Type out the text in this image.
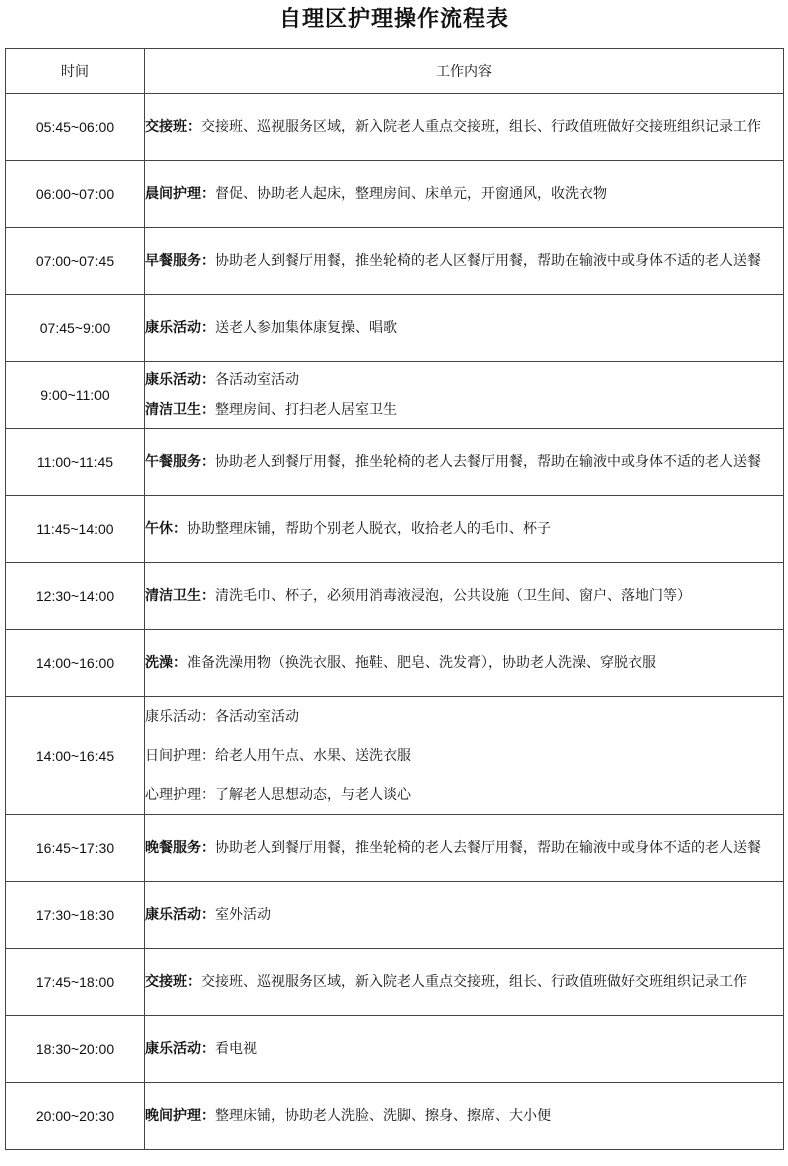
自理区护理操作流程表
时间	工作内容
05:45~06:00	交接班：交接班、巡视服务区域，新入院老人重点交接班，组长、行政值班做好交接班组织记录工作

06:00~07:00	晨间护理：督促、协助老人起床，整理房间、床单元，开窗通风，收洗衣物

07:00~07:45	早餐服务：协助老人到餐厅用餐，推坐轮椅的老人区餐厅用餐，帮助在输液中或身体不适的老人送餐

07:45~9:00	康乐活动：送老人参加集体康复操、唱歌

9:00~11:00	康乐活动：各活动室活动
清洁卫生：整理房间、打扫老人居室卫生

11:00~11:45	午餐服务：协助老人到餐厅用餐，推坐轮椅的老人去餐厅用餐，帮助在输液中或身体不适的老人送餐

11:45~14:00	午休：协助整理床铺，帮助个别老人脱衣，收拾老人的毛巾、杯子

12:30~14:00	清洁卫生：清洗毛巾、杯子，必须用消毒液浸泡，公共设施（卫生间、窗户、落地门等）

14:00~16:00	洗澡：准备洗澡用物（换洗衣服、拖鞋、肥皂、洗发膏），协助老人洗澡、穿脱衣服

14:00~16:45	康乐活动：各活动室活动
日间护理：给老人用午点、水果、送洗衣服
心理护理：了解老人思想动态，与老人谈心

16:45~17:30	晚餐服务：协助老人到餐厅用餐，推坐轮椅的老人去餐厅用餐，帮助在输液中或身体不适的老人送餐

17:30~18:30	康乐活动：室外活动

17:45~18:00	交接班：交接班、巡视服务区域，新入院老人重点交接班，组长、行政值班做好交班组织记录工作

18:30~20:00	康乐活动：看电视

20:00~20:30	晚间护理：整理床铺，协助老人洗脸、洗脚、擦身、擦席、大小便
